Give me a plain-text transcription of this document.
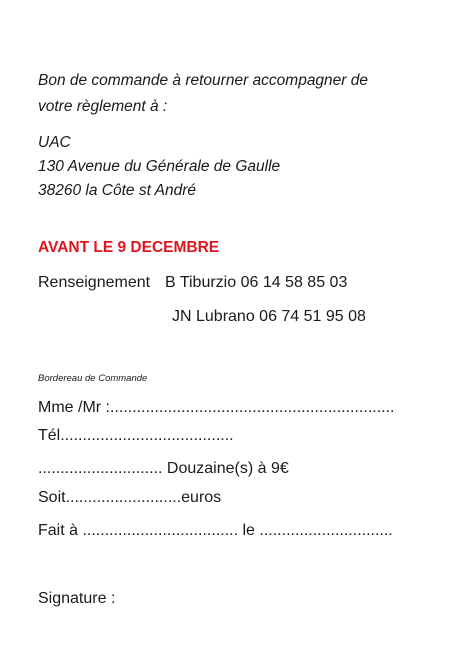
Bon de commande à retourner accompagner de
votre règlement à :
UAC
130 Avenue du Générale de Gaulle
38260 la Côte st André
AVANT LE 9 DECEMBRE
Renseignement B Tiburzio 06 14 58 85 03
JN Lubrano 06 74 51 95 08
Bordereau de Commande
Mme /Mr :................................................................
Tél.......................................
............................ Douzaine(s) à 9€
Soit..........................euros
Fait à ................................... le ..............................
Signature :
